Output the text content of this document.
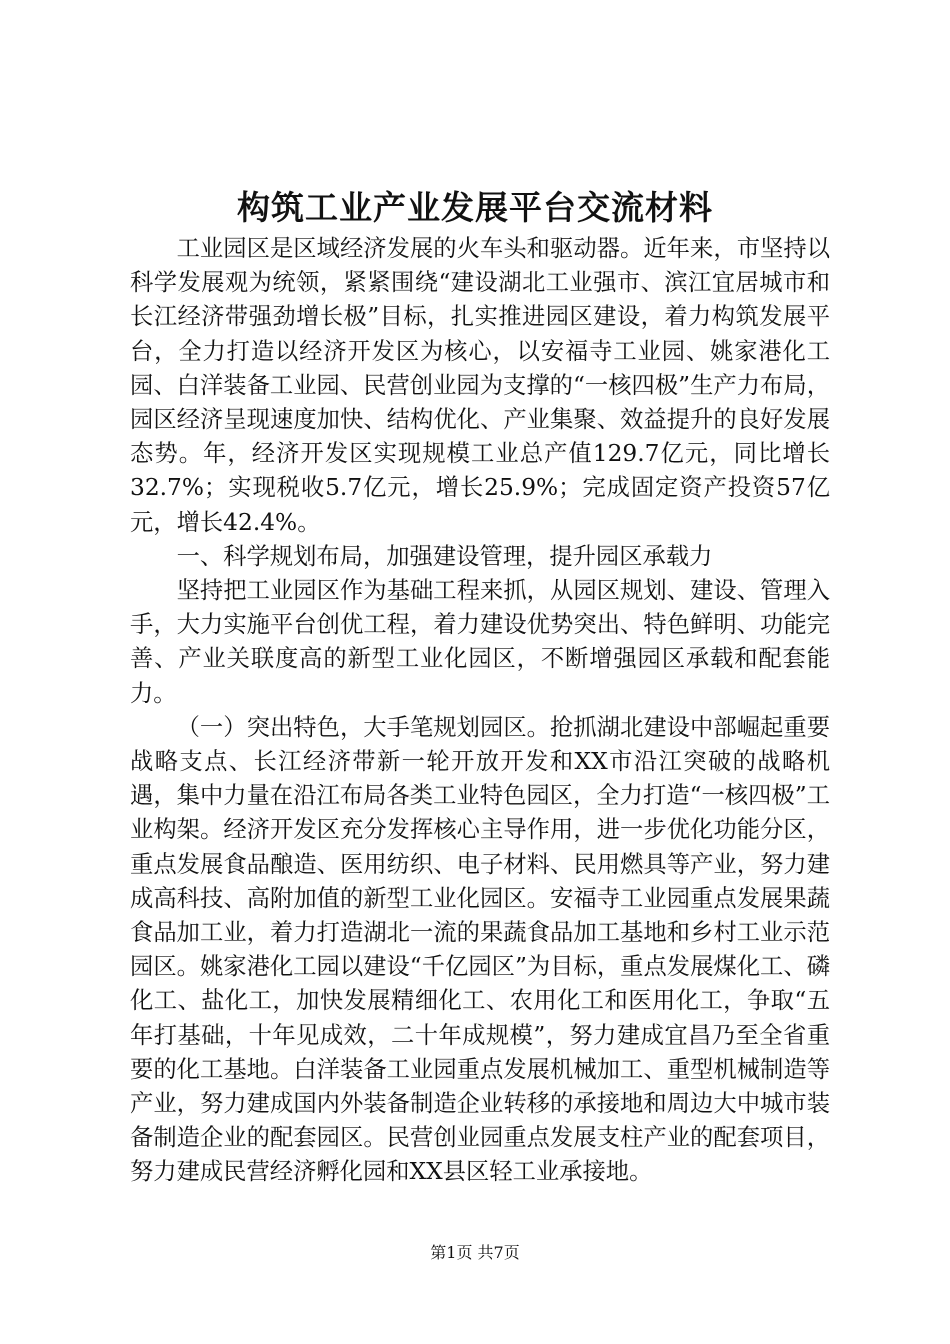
构筑工业产业发展平台交流材料

工业园区是区域经济发展的火车头和驱动器。近年来，市坚持以科学发展观为统领，紧紧围绕“建设湖北工业强市、滨江宜居城市和长江经济带强劲增长极”目标，扎实推进园区建设，着力构筑发展平台，全力打造以经济开发区为核心，以安福寺工业园、姚家港化工园、白洋装备工业园、民营创业园为支撑的“一核四极”生产力布局，园区经济呈现速度加快、结构优化、产业集聚、效益提升的良好发展态势。年，经济开发区实现规模工业总产值129.7亿元，同比增长32.7%；实现税收5.7亿元，增长25.9%；完成固定资产投资57亿元，增长42.4%。

一、科学规划布局，加强建设管理，提升园区承载力

坚持把工业园区作为基础工程来抓，从园区规划、建设、管理入手，大力实施平台创优工程，着力建设优势突出、特色鲜明、功能完善、产业关联度高的新型工业化园区，不断增强园区承载和配套能力。

（一）突出特色，大手笔规划园区。抢抓湖北建设中部崛起重要战略支点、长江经济带新一轮开放开发和XX市沿江突破的战略机遇，集中力量在沿江布局各类工业特色园区，全力打造“一核四极”工业构架。经济开发区充分发挥核心主导作用，进一步优化功能分区，重点发展食品酿造、医用纺织、电子材料、民用燃具等产业，努力建成高科技、高附加值的新型工业化园区。安福寺工业园重点发展果蔬食品加工业，着力打造湖北一流的果蔬食品加工基地和乡村工业示范园区。姚家港化工园以建设“千亿园区”为目标，重点发展煤化工、磷化工、盐化工，加快发展精细化工、农用化工和医用化工，争取“五年打基础，十年见成效，二十年成规模”，努力建成宜昌乃至全省重要的化工基地。白洋装备工业园重点发展机械加工、重型机械制造等产业，努力建成国内外装备制造企业转移的承接地和周边大中城市装备制造企业的配套园区。民营创业园重点发展支柱产业的配套项目，努力建成民营经济孵化园和XX县区轻工业承接地。

第1页 共7页
